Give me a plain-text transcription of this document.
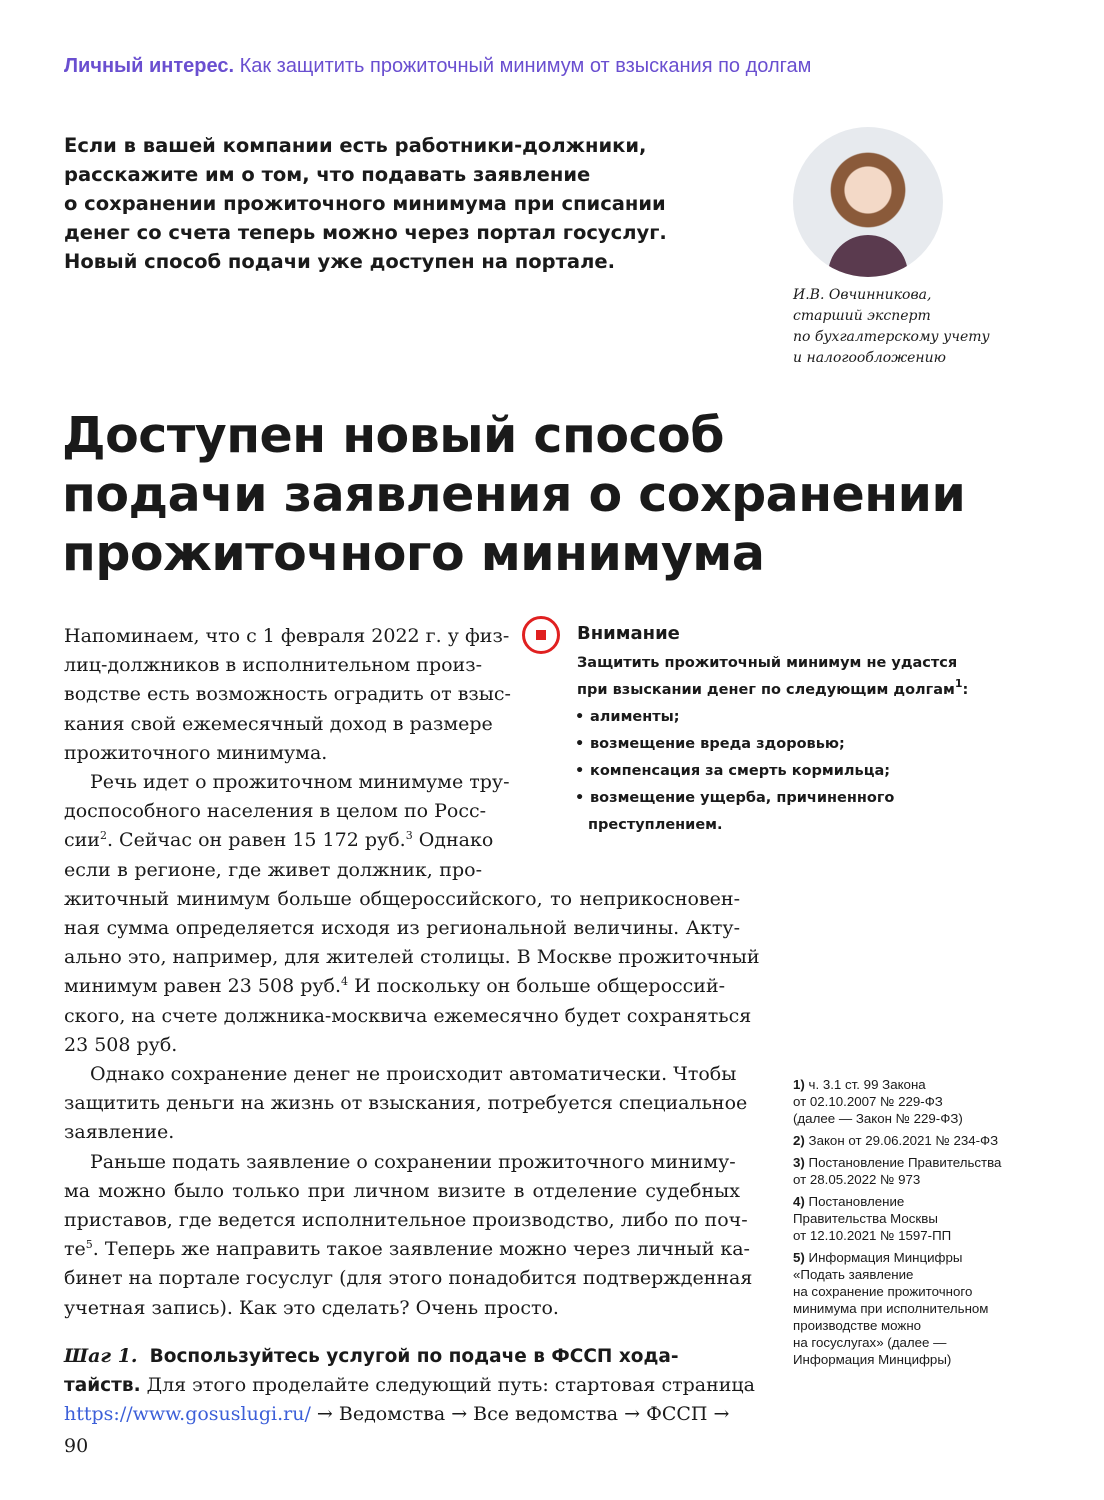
Личный интерес. Как защитить прожиточный минимум от взыскания по долгам
Если в вашей компании есть работники-должники,
расскажите им о том, что подавать заявление
о сохранении прожиточного минимума при списании
денег со счета теперь можно через портал госуслуг.
Новый способ подачи уже доступен на портале.
И.В. Овчинникова,
старший эксперт
по бухгалтерскому учету
и налогообложению
Доступен новый способ
подачи заявления о сохранении
прожиточного минимума
Внимание
Защитить прожиточный минимум не удастся
при взыскании денег по следующим долгам$^1$:
• алименты;
• возмещение вреда здоровью;
• компенсация за смерть кормильца;
• возмещение ущерба, причиненного
преступлением.
Напоминаем, что с 1 февраля 2022 г. у физ-
лиц-должников в исполнительном произ-
водстве есть возможность оградить от взыс-
кания свой ежемесячный доход в размере
прожиточного минимума.
Речь идет о прожиточном минимуме тру-
доспособного населения в целом по Росс-
сии$^2$. Сейчас он равен 15 172 руб.$^3$ Однако
если в регионе, где живет должник, про-
житочный минимум больше общероссийского, то неприкосновен-
ная сумма определяется исходя из региональной величины. Акту-
ально это, например, для жителей столицы. В Москве прожиточный
минимум равен 23 508 руб.$^4$ И поскольку он больше общероссий-
ского, на счете должника-москвича ежемесячно будет сохраняться
23 508 руб.
Однако сохранение денег не происходит автоматически. Чтобы
защитить деньги на жизнь от взыскания, потребуется специальное
заявление.
Раньше подать заявление о сохранении прожиточного миниму-
ма можно было только при личном визите в отделение судебных
приставов, где ведется исполнительное производство, либо по поч-
$те^5$. Теперь же направить такое заявление можно через личный ка-
бинет на портале госуслуг (для этого понадобится подтвержденная
учетная запись). Как это сделать? Очень просто.
Шаг 1. Воспользуйтесь услугой по подаче в ФССП хода-
тайств. Для этого проделайте следующий путь: стартовая страница
https://www.gosuslugi.ru/ → Ведомства → Все ведомства → ФССП →
1) ч. 3.1 ст. 99 Закона
от 02.10.2007 № 229-ФЗ
(далее — Закон № 229-ФЗ)
2) Закон от 29.06.2021 № 234-ФЗ
3) Постановление Правительства
от 28.05.2022 № 973
4) Постановление
Правительства Москвы
от 12.10.2021 № 1597-ПП
5) Информация Минцифры
«Подать заявление
на сохранение прожиточного
минимума при исполнительном
производстве можно
на госуслугах» (далее —
Информация Минцифры)
90
